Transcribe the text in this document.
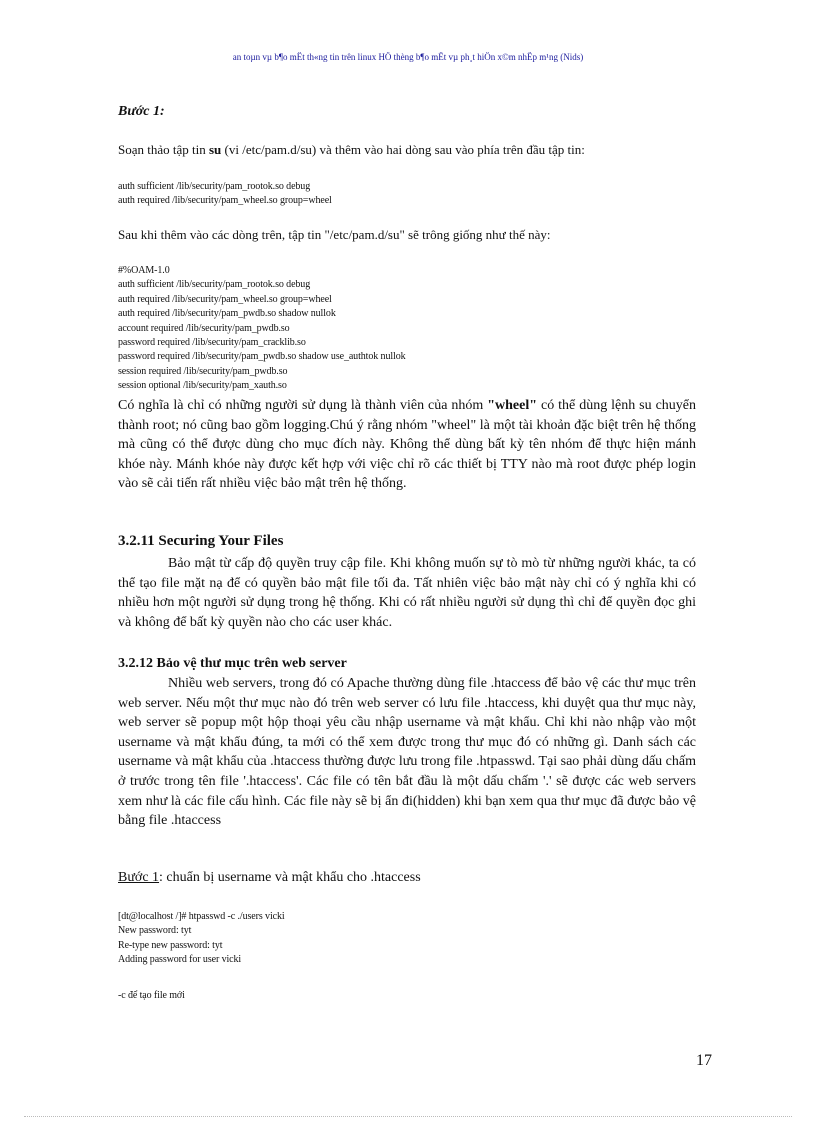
an toµn vµ b¶o mËt th«ng tin trên linux HÖ thèng b¶o mËt vµ ph¸t hiÖn x©m nhËp m¹ng (Nids)
Bước 1:
Soạn thảo tập tin su (vi /etc/pam.d/su) và thêm vào hai dòng sau vào phía trên đầu tập tin:
auth sufficient /lib/security/pam_rootok.so debug
auth required /lib/security/pam_wheel.so group=wheel
Sau khi thêm vào các dòng trên, tập tin "/etc/pam.d/su" sẽ trông giống như thế này:
#%OAM-1.0
auth sufficient /lib/security/pam_rootok.so debug
auth required /lib/security/pam_wheel.so group=wheel
auth required /lib/security/pam_pwdb.so shadow nullok
account required /lib/security/pam_pwdb.so
password required /lib/security/pam_cracklib.so
password required /lib/security/pam_pwdb.so shadow use_authtok nullok
session required /lib/security/pam_pwdb.so
session optional /lib/security/pam_xauth.so
Có nghĩa là chỉ có những người sử dụng là thành viên của nhóm "wheel" có thể dùng lệnh su chuyển thành root; nó cũng bao gồm logging.Chú ý rằng nhóm "wheel" là một tài khoản đặc biệt trên hệ thống mà cũng có thể được dùng cho mục đích này. Không thể dùng bất kỳ tên nhóm để thực hiện mánh khóe này. Mánh khóe này được kết hợp với việc chỉ rõ các thiết bị TTY nào mà root được phép login vào sẽ cải tiến rất nhiều việc bảo mật trên hệ thống.
3.2.11 Securing Your Files
Bảo mật từ cấp độ quyền truy cập file. Khi không muốn sự tò mò từ những người khác, ta có thể tạo file mặt nạ để có quyền bảo mật file tối đa. Tất nhiên việc bảo mật này chỉ có ý nghĩa khi có nhiều hơn một người sử dụng trong hệ thống. Khi có rất nhiều người sử dụng thì chỉ để quyền đọc ghi và không để bất kỳ quyền nào cho các user khác.
3.2.12 Bảo vệ thư mục trên web server
Nhiều web servers, trong đó có Apache thường dùng file .htaccess để bảo vệ các thư mục trên web server. Nếu một thư mục nào đó trên web server có lưu file .htaccess, khi duyệt qua thư mục này, web server sẽ popup một hộp thoại yêu cầu nhập username và mật khẩu. Chỉ khi nào nhập vào một username và mật khẩu đúng, ta mới có thể xem được trong thư mục đó có những gì. Danh sách các username và mật khẩu của .htaccess thường được lưu trong file .htpasswd. Tại sao phải dùng dấu chấm ở trước trong tên file '.htaccess'. Các file có tên bắt đầu là một dấu chấm '.' sẽ được các web servers xem như là các file cấu hình. Các file này sẽ bị ẩn đi(hidden) khi bạn xem qua thư mục đã được bảo vệ bằng file .htaccess
Bước 1: chuẩn bị username và mật khẩu cho .htaccess
[dt@localhost /]# htpasswd -c ./users vicki
New password: tyt
Re-type new password: tyt
Adding password for user vicki
-c để tạo file mới
17
